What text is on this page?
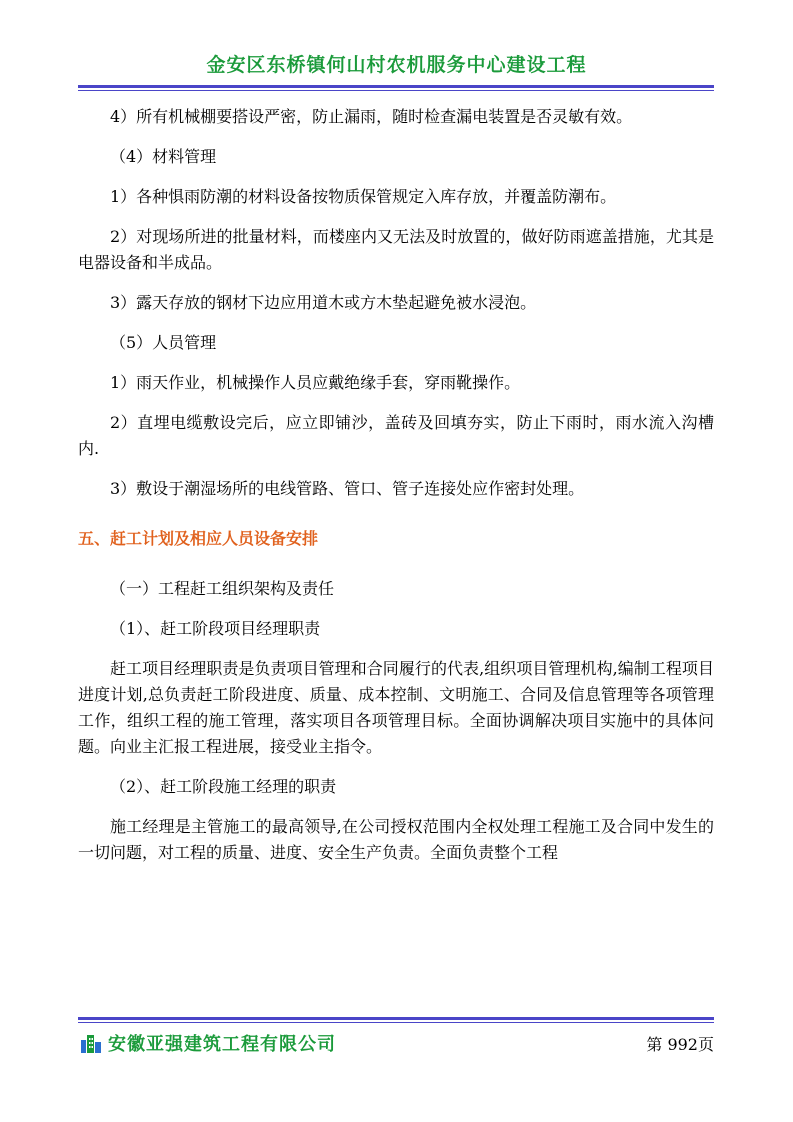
金安区东桥镇何山村农机服务中心建设工程

4）所有机械棚要搭设严密，防止漏雨，随时检查漏电装置是否灵敏有效。

（4）材料管理

1）各种惧雨防潮的材料设备按物质保管规定入库存放，并覆盖防潮布。

2）对现场所进的批量材料，而楼座内又无法及时放置的，做好防雨遮盖措施，尤其是电器设备和半成品。

3）露天存放的钢材下边应用道木或方木垫起避免被水浸泡。

（5）人员管理

1）雨天作业，机械操作人员应戴绝缘手套，穿雨靴操作。

2）直埋电缆敷设完后，应立即铺沙，盖砖及回填夯实，防止下雨时，雨水流入沟槽内.

3）敷设于潮湿场所的电线管路、管口、管子连接处应作密封处理。

五、赶工计划及相应人员设备安排

（一）工程赶工组织架构及责任

（1）、赶工阶段项目经理职责

赶工项目经理职责是负责项目管理和合同履行的代表,组织项目管理机构,编制工程项目进度计划,总负责赶工阶段进度、质量、成本控制、文明施工、合同及信息管理等各项管理工作，组织工程的施工管理，落实项目各项管理目标。全面协调解决项目实施中的具体问题。向业主汇报工程进展，接受业主指令。

（2）、赶工阶段施工经理的职责

施工经理是主管施工的最高领导,在公司授权范围内全权处理工程施工及合同中发生的一切问题，对工程的质量、进度、安全生产负责。全面负责整个工程

安徽亚强建筑工程有限公司	第 992页
